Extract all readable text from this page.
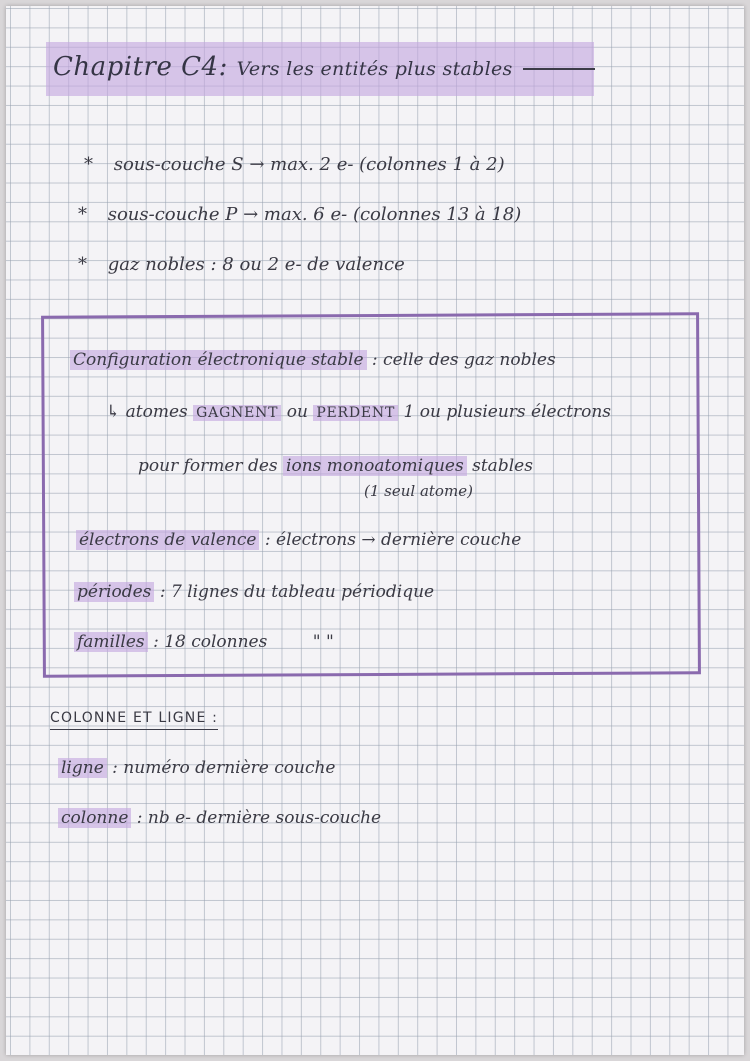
Chapitre C4: Vers les entités plus stables
* sous-couche S → max. 2 e- (colonnes 1 à 2)
* sous-couche P → max. 6 e- (colonnes 13 à 18)
* gaz nobles : 8 ou 2 e- de valence
Configuration électronique stable : celle des gaz nobles
↳ atomes GAGNENT ou PERDENT 1 ou plusieurs électrons
pour former des ions monoatomiques stables
(1 seul atome)
électrons de valence : électrons → dernière couche
périodes : 7 lignes du tableau périodique
familles : 18 colonnes	" "
COLONNE ET LIGNE :
ligne : numéro dernière couche
colonne : nb e- dernière sous-couche
